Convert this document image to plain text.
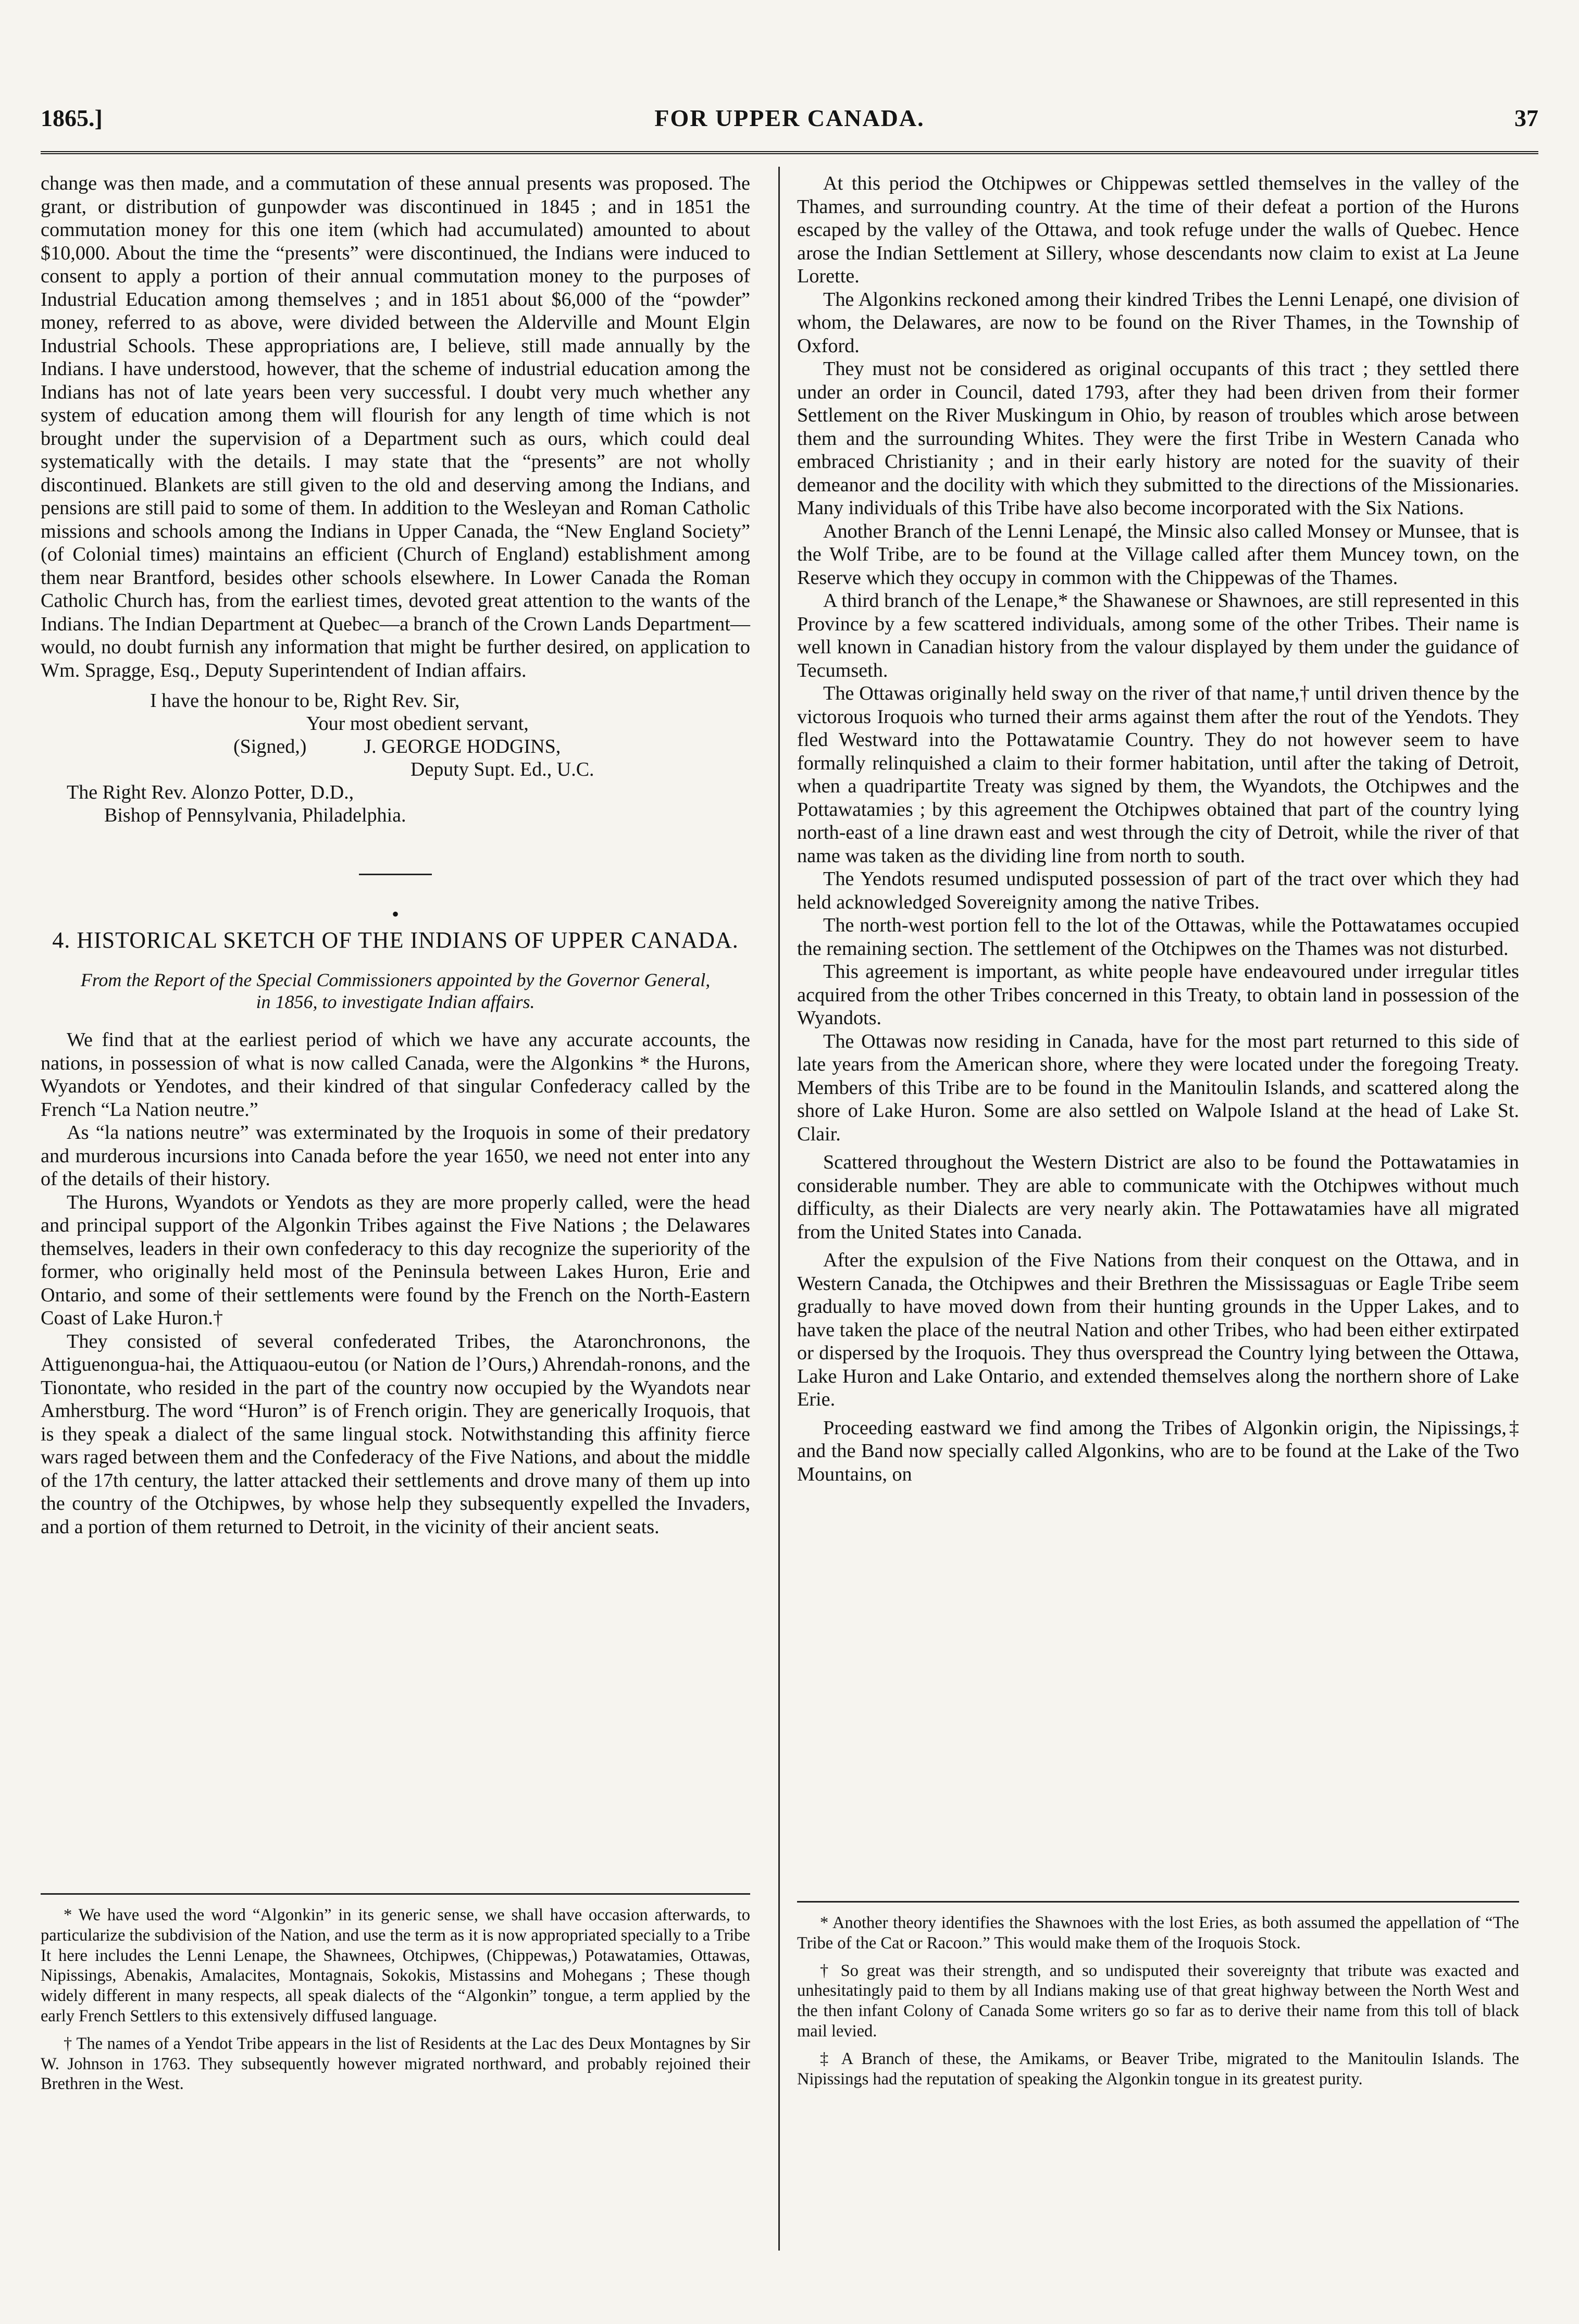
1865.]	FOR UPPER CANADA.	37

change was then made, and a commutation of these annual presents was proposed. The grant, or distribution of gunpowder was discontinued in 1845 ; and in 1851 the commutation money for this one item (which had accumulated) amounted to about $10,000. About the time the “presents” were discontinued, the Indians were induced to consent to apply a portion of their annual commutation money to the purposes of Industrial Education among themselves ; and in 1851 about $6,000 of the “powder” money, referred to as above, were divided between the Alderville and Mount Elgin Industrial Schools. These appropriations are, I believe, still made annually by the Indians. I have understood, however, that the scheme of industrial education among the Indians has not of late years been very successful. I doubt very much whether any system of education among them will flourish for any length of time which is not brought under the supervision of a Department such as ours, which could deal systematically with the details. I may state that the “presents” are not wholly discontinued. Blankets are still given to the old and deserving among the Indians, and pensions are still paid to some of them. In addition to the Wesleyan and Roman Catholic missions and schools among the Indians in Upper Canada, the “New England Society” (of Colonial times) maintains an efficient (Church of England) establishment among them near Brantford, besides other schools elsewhere. In Lower Canada the Roman Catholic Church has, from the earliest times, devoted great attention to the wants of the Indians. The Indian Department at Quebec—a branch of the Crown Lands Department—would, no doubt furnish any information that might be further desired, on application to Wm. Spragge, Esq., Deputy Superintendent of Indian affairs.

I have the honour to be, Right Rev. Sir,

Your most obedient servant,

(Signed,)	J. GEORGE HODGINS,

Deputy Supt. Ed., U.C.

The Right Rev. Alonzo Potter, D.D.,

Bishop of Pennsylvania, Philadelphia.

•
4. HISTORICAL SKETCH OF THE INDIANS OF UPPER CANADA.
From the Report of the Special Commissioners appointed by the Governor General, in 1856, to investigate Indian affairs.

We find that at the earliest period of which we have any accurate accounts, the nations, in possession of what is now called Canada, were the Algonkins * the Hurons, Wyandots or Yendotes, and their kindred of that singular Confederacy called by the French “La Nation neutre.”

As “la nations neutre” was exterminated by the Iroquois in some of their predatory and murderous incursions into Canada before the year 1650, we need not enter into any of the details of their history.

The Hurons, Wyandots or Yendots as they are more properly called, were the head and principal support of the Algonkin Tribes against the Five Nations ; the Delawares themselves, leaders in their own confederacy to this day recognize the superiority of the former, who originally held most of the Peninsula between Lakes Huron, Erie and Ontario, and some of their settlements were found by the French on the North-Eastern Coast of Lake Huron.†

They consisted of several confederated Tribes, the Ataronchronons, the Attiguenongua-hai, the Attiquaou-eutou (or Nation de l’Ours,) Ahrendah-ronons, and the Tionontate, who resided in the part of the country now occupied by the Wyandots near Amherstburg. The word “Huron” is of French origin. They are generically Iroquois, that is they speak a dialect of the same lingual stock. Notwithstanding this affinity fierce wars raged between them and the Confederacy of the Five Nations, and about the middle of the 17th century, the latter attacked their settlements and drove many of them up into the country of the Otchipwes, by whose help they subsequently expelled the Invaders, and a portion of them returned to Detroit, in the vicinity of their ancient seats.

* We have used the word “Algonkin” in its generic sense, we shall have occasion afterwards, to particularize the subdivision of the Nation, and use the term as it is now appropriated specially to a Tribe It here includes the Lenni Lenape, the Shawnees, Otchipwes, (Chippewas,) Potawatamies, Ottawas, Nipissings, Abenakis, Amalacites, Montagnais, Sokokis, Mistassins and Mohegans ; These though widely different in many respects, all speak dialects of the “Algonkin” tongue, a term applied by the early French Settlers to this extensively diffused language.

† The names of a Yendot Tribe appears in the list of Residents at the Lac des Deux Montagnes by Sir W. Johnson in 1763. They subsequently however migrated northward, and probably rejoined their Brethren in the West.

At this period the Otchipwes or Chippewas settled themselves in the valley of the Thames, and surrounding country. At the time of their defeat a portion of the Hurons escaped by the valley of the Ottawa, and took refuge under the walls of Quebec. Hence arose the Indian Settlement at Sillery, whose descendants now claim to exist at La Jeune Lorette.

The Algonkins reckoned among their kindred Tribes the Lenni Lenapé, one division of whom, the Delawares, are now to be found on the River Thames, in the Township of Oxford.

They must not be considered as original occupants of this tract ; they settled there under an order in Council, dated 1793, after they had been driven from their former Settlement on the River Muskingum in Ohio, by reason of troubles which arose between them and the surrounding Whites. They were the first Tribe in Western Canada who embraced Christianity ; and in their early history are noted for the suavity of their demeanor and the docility with which they submitted to the directions of the Missionaries. Many individuals of this Tribe have also become incorporated with the Six Nations.

Another Branch of the Lenni Lenapé, the Minsic also called Monsey or Munsee, that is the Wolf Tribe, are to be found at the Village called after them Muncey town, on the Reserve which they occupy in common with the Chippewas of the Thames.

A third branch of the Lenape,* the Shawanese or Shawnoes, are still represented in this Province by a few scattered individuals, among some of the other Tribes. Their name is well known in Canadian history from the valour displayed by them under the guidance of Tecumseth.

The Ottawas originally held sway on the river of that name,† until driven thence by the victorous Iroquois who turned their arms against them after the rout of the Yendots. They fled Westward into the Pottawatamie Country. They do not however seem to have formally relinquished a claim to their former habitation, until after the taking of Detroit, when a quadripartite Treaty was signed by them, the Wyandots, the Otchipwes and the Pottawatamies ; by this agreement the Otchipwes obtained that part of the country lying north-east of a line drawn east and west through the city of Detroit, while the river of that name was taken as the dividing line from north to south.

The Yendots resumed undisputed possession of part of the tract over which they had held acknowledged Sovereignity among the native Tribes.

The north-west portion fell to the lot of the Ottawas, while the Pottawatames occupied the remaining section. The settlement of the Otchipwes on the Thames was not disturbed.

This agreement is important, as white people have endeavoured under irregular titles acquired from the other Tribes concerned in this Treaty, to obtain land in possession of the Wyandots.

The Ottawas now residing in Canada, have for the most part returned to this side of late years from the American shore, where they were located under the foregoing Treaty. Members of this Tribe are to be found in the Manitoulin Islands, and scattered along the shore of Lake Huron. Some are also settled on Walpole Island at the head of Lake St. Clair.

Scattered throughout the Western District are also to be found the Pottawatamies in considerable number. They are able to communicate with the Otchipwes without much difficulty, as their Dialects are very nearly akin. The Pottawatamies have all migrated from the United States into Canada.

After the expulsion of the Five Nations from their conquest on the Ottawa, and in Western Canada, the Otchipwes and their Brethren the Mississaguas or Eagle Tribe seem gradually to have moved down from their hunting grounds in the Upper Lakes, and to have taken the place of the neutral Nation and other Tribes, who had been either extirpated or dispersed by the Iroquois. They thus overspread the Country lying between the Ottawa, Lake Huron and Lake Ontario, and extended themselves along the northern shore of Lake Erie.

Proceeding eastward we find among the Tribes of Algonkin origin, the Nipissings,‡ and the Band now specially called Algonkins, who are to be found at the Lake of the Two Mountains, on

* Another theory identifies the Shawnoes with the lost Eries, as both assumed the appellation of “The Tribe of the Cat or Racoon.” This would make them of the Iroquois Stock.

† So great was their strength, and so undisputed their sovereignty that tribute was exacted and unhesitatingly paid to them by all Indians making use of that great highway between the North West and the then infant Colony of Canada Some writers go so far as to derive their name from this toll of black mail levied.

‡ A Branch of these, the Amikams, or Beaver Tribe, migrated to the Manitoulin Islands. The Nipissings had the reputation of speaking the Algonkin tongue in its greatest purity.
